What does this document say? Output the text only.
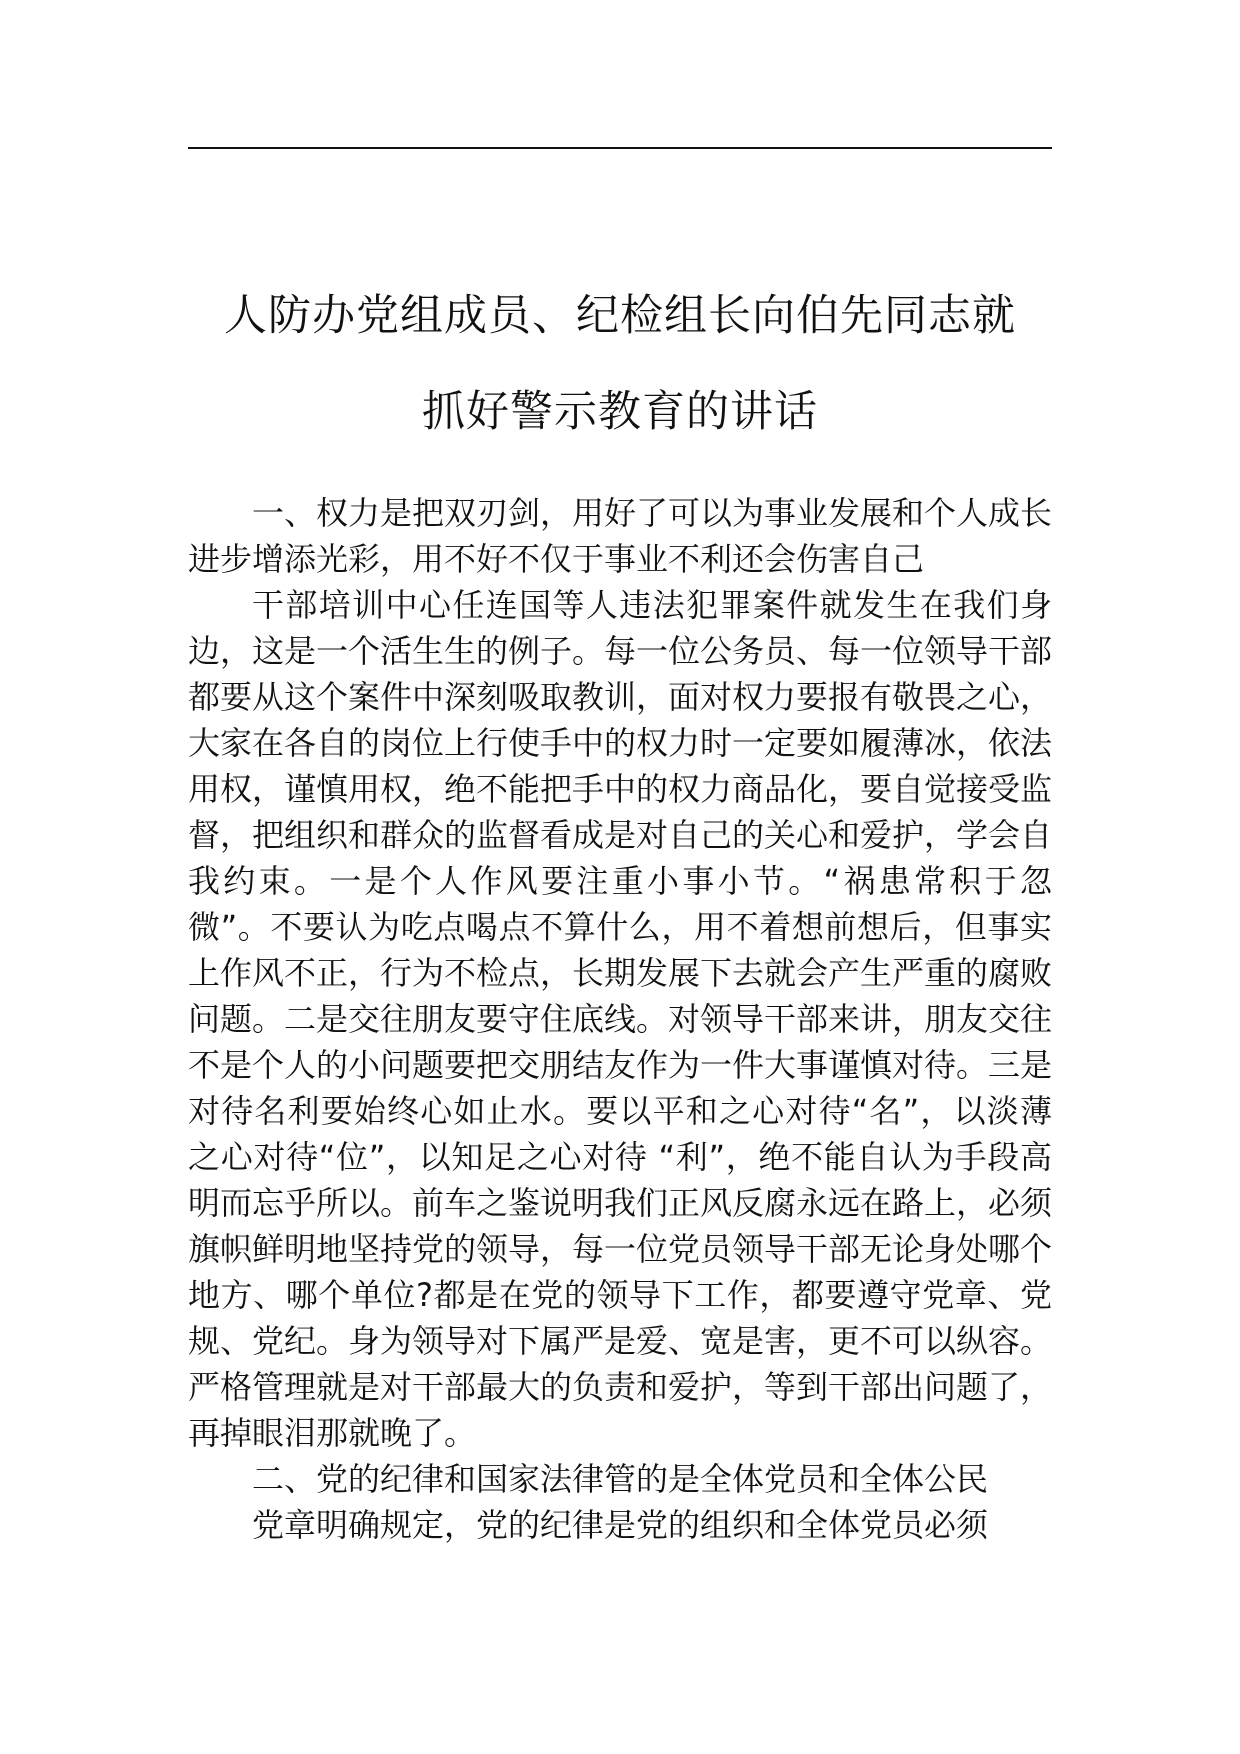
人防办党组成员、纪检组长向伯先同志就
抓好警示教育的讲话

一、权力是把双刃剑，用好了可以为事业发展和个人成长进步增添光彩，用不好不仅于事业不利还会伤害自己

干部培训中心任连国等人违法犯罪案件就发生在我们身边，这是一个活生生的例子。每一位公务员、每一位领导干部都要从这个案件中深刻吸取教训，面对权力要报有敬畏之心，大家在各自的岗位上行使手中的权力时一定要如履薄冰，依法用权，谨慎用权，绝不能把手中的权力商品化，要自觉接受监督，把组织和群众的监督看成是对自己的关心和爱护，学会自我约束。一是个人作风要注重小事小节。“祸患常积于忽微”。不要认为吃点喝点不算什么，用不着想前想后，但事实上作风不正，行为不检点，长期发展下去就会产生严重的腐败问题。二是交往朋友要守住底线。对领导干部来讲，朋友交往不是个人的小问题要把交朋结友作为一件大事谨慎对待。三是对待名利要始终心如止水。要以平和之心对待“名”，以淡薄之心对待“位”，以知足之心对待 “利”，绝不能自认为手段高明而忘乎所以。前车之鉴说明我们正风反腐永远在路上，必须旗帜鲜明地坚持党的领导，每一位党员领导干部无论身处哪个地方、哪个单位?都是在党的领导下工作，都要遵守党章、党规、党纪。身为领导对下属严是爱、宽是害，更不可以纵容。严格管理就是对干部最大的负责和爱护，等到干部出问题了，再掉眼泪那就晚了。

二、党的纪律和国家法律管的是全体党员和全体公民

党章明确规定，党的纪律是党的组织和全体党员必须
